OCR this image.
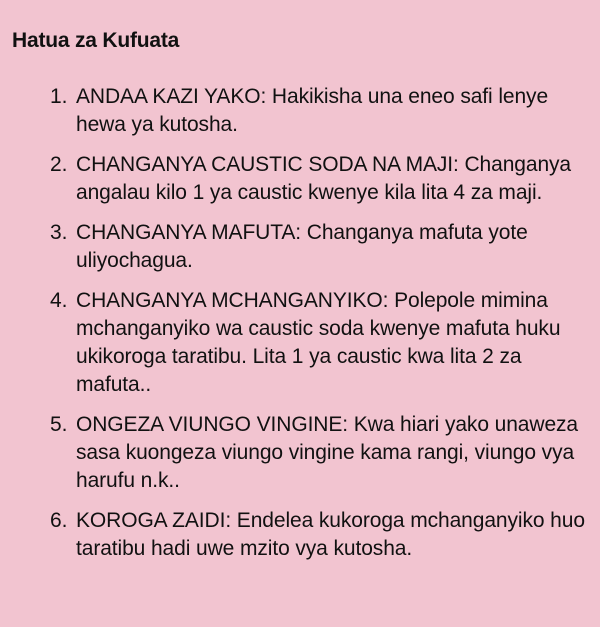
Hatua za Kufuata
1. ANDAA KAZI YAKO: Hakikisha una eneo safi lenye hewa ya kutosha.
2. CHANGANYA CAUSTIC SODA NA MAJI: Changanya angalau kilo 1 ya caustic kwenye kila lita 4 za maji.
3. CHANGANYA MAFUTA: Changanya mafuta yote uliyochagua.
4. CHANGANYA MCHANGANYIKO: Polepole mimina mchanganyiko wa caustic soda kwenye mafuta huku ukikoroga taratibu. Lita 1 ya caustic kwa lita 2 za mafuta..
5. ONGEZA VIUNGO VINGINE: Kwa hiari yako unaweza sasa kuongeza viungo vingine kama rangi, viungo vya harufu n.k..
6. KOROGA ZAIDI: Endelea kukoroga mchanganyiko huo taratibu hadi uwe mzito vya kutosha.
